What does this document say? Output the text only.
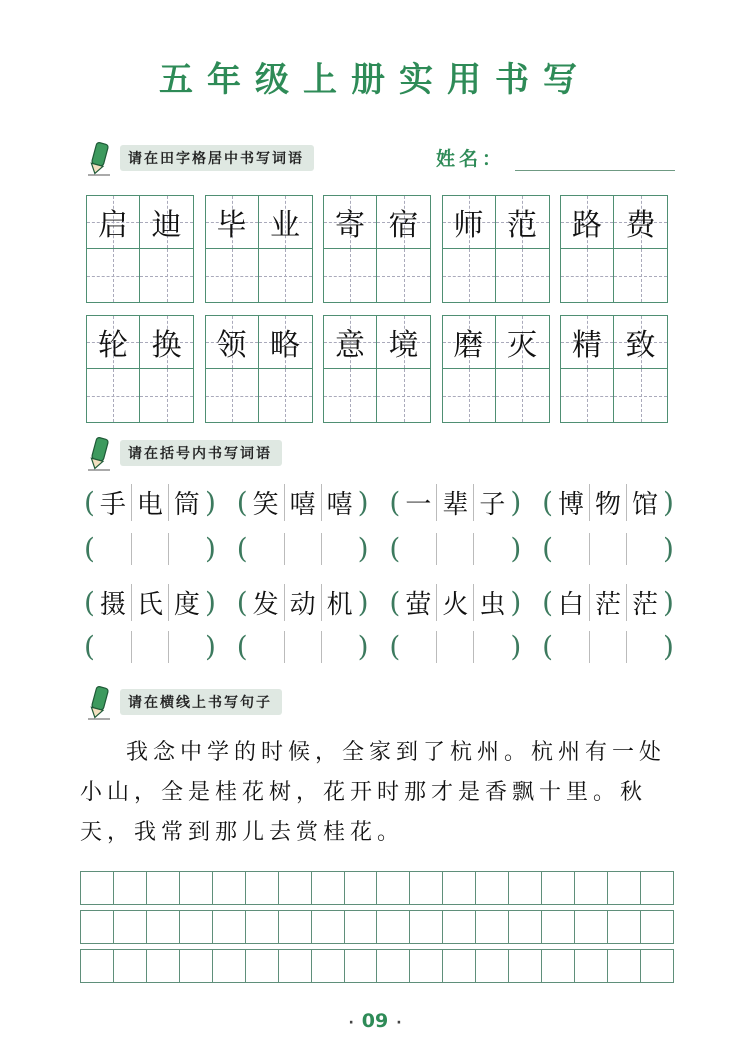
五年级上册实用书写
请在田字格居中书写词语	姓名：
启 迪 毕 业 寄 宿 师 范 路 费
轮 换 领 略 意 境 磨 灭 精 致
请在括号内书写词语
( 手 电 筒 ) ( 笑 嘻 嘻 ) ( 一 辈 子 ) ( 博 物 馆 )
(	) (	) (	) (	)
( 摄 氏 度 ) ( 发 动 机 ) ( 萤 火 虫 ) ( 白 茫 茫 )
(	) (	) (	) (	)
请在横线上书写句子
我念中学的时候，全家到了杭州。杭州有一处小山，全是桂花树，花开时那才是香飘十里。秋天，我常到那儿去赏桂花。
· 09 ·
